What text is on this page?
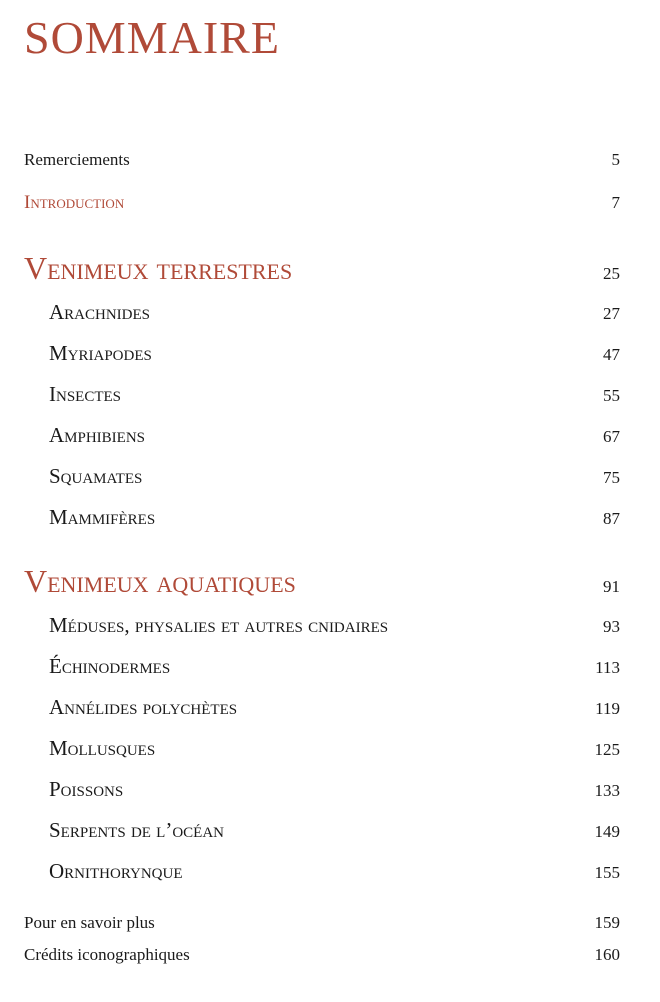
SOMMAIRE
Remerciements	5
Introduction	7
Venimeux terrestres	25
Arachnides	27
Myriapodes	47
Insectes	55
Amphibiens	67
Squamates	75
Mammifères	87
Venimeux aquatiques	91
Méduses, physalies et autres cnidaires	93
Échinodermes	113
Annélides polychètes	119
Mollusques	125
Poissons	133
Serpents de l’océan	149
Ornithorynque	155
Pour en savoir plus	159
Crédits iconographiques	160
